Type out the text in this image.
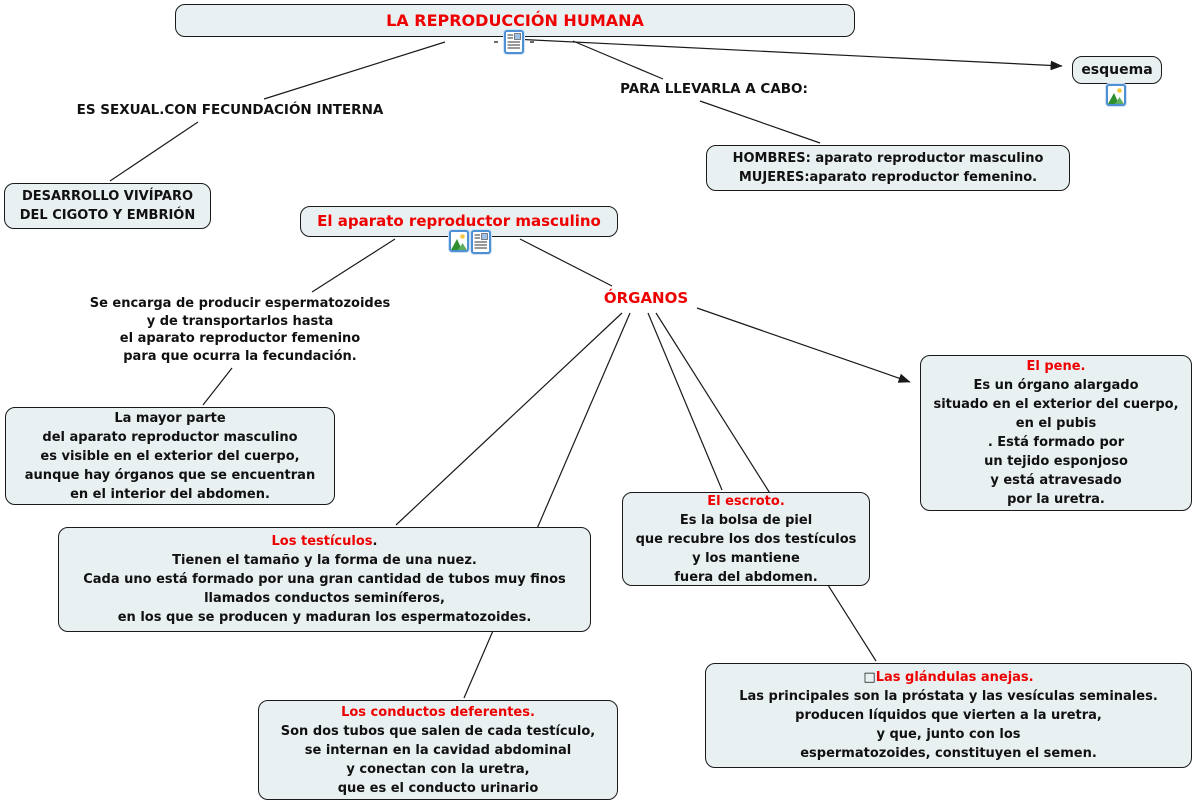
LA REPRODUCCIÓN HUMANA
esquema
HOMBRES: aparato reproductor masculino
MUJERES:aparato reproductor femenino.
DESARROLLO VIVÍPARO
DEL CIGOTO Y EMBRIÓN	El aparato reproductor masculino
La mayor parte
del aparato reproductor masculino
es visible en el exterior del cuerpo,
aunque hay órganos que se encuentran
en el interior del abdomen.
El pene.
Es un órgano alargado
situado en el exterior del cuerpo,
en el pubis
. Está formado por
un tejido esponjoso
y está atravesado
por la uretra.
El escroto.
Es la bolsa de piel
que recubre los dos testículos
y los mantiene
fuera del abdomen.
Los testículos.
Tienen el tamaño y la forma de una nuez.
Cada uno está formado por una gran cantidad de tubos muy finos
llamados conductos seminíferos,
en los que se producen y maduran los espermatozoides.
Los conductos deferentes.
Son dos tubos que salen de cada testículo,
se internan en la cavidad abdominal
y conectan con la uretra,
que es el conducto urinario
□Las glándulas anejas.
Las principales son la próstata y las vesículas seminales.
producen líquidos que vierten a la uretra,
y que, junto con los
espermatozoides, constituyen el semen.
ES SEXUAL.CON FECUNDACIÓN INTERNA
PARA LLEVARLA A CABO:
Se encarga de producir espermatozoides
y de transportarlos hasta
el aparato reproductor femenino
para que ocurra la fecundación.
ÓRGANOS
